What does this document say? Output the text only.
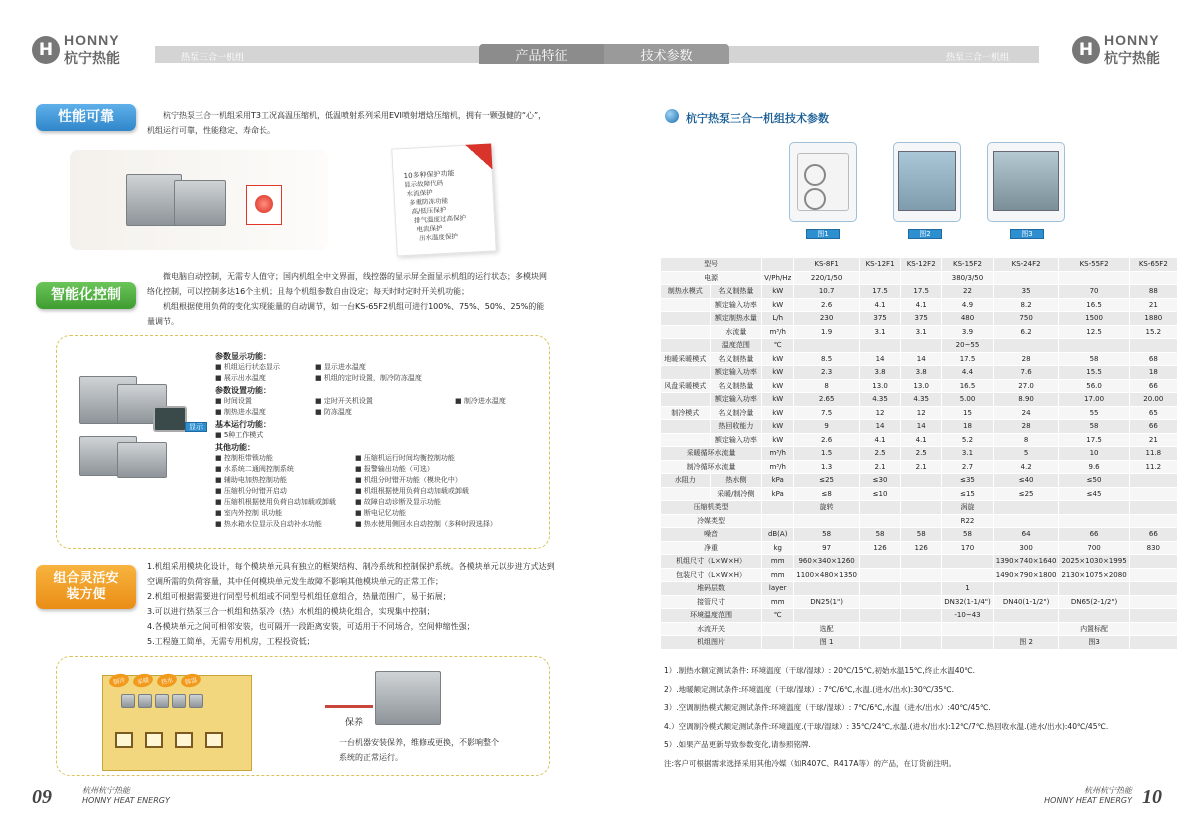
H HONNY
杭宁热能	热泵三合一机组	产品特征	技术参数	热泵三合一机组	H HONNY
杭宁热能
性能可靠	杭宁热泵三合一机组采用T3工况高温压缩机，低温喷射系列采用EVI喷射增焓压缩机，拥有一颗强健的“心”，机组运行可靠，性能稳定、寿命长。
10多种保护功能
显示故障代码
水流保护
多重防冻功能
高/低压保护
排气温度过高保护
电流保护
出水温度保护
智能化控制
微电脑自动控制，无需专人值守；国内机组全中文界面，线控器的显示屏全面显示机组的运行状态；多模块网络化控制，可以控制多达16个主机；且每个机组参数自由设定；每天时时定时开关机功能；
机组根据使用负荷的变化实现能量的自动调节，如一台KS-65F2机组可进行100%、75%、50%、25%的能量调节。
显示
参数显示功能：
■ 机组运行状态显示	■ 显示进水温度
■ 展示出水温度	■ 机组的定时设置，制冷防冻温度
参数设置功能：
■ 时间设置	■ 定时开关机设置	■ 制冷进水温度
■ 制热进水温度	■ 防冻温度
基本运行功能：
■ 5种工作模式
其他功能：
■ 控制柜带锁功能	■ 压缩机运行时间均衡控制功能
■ 水系统二通阀控制系统	■ 报警输出功能（可选）
■ 辅助电加热控制功能	■ 机组分时错开功能（模块化中）
■ 压缩机分时错开启动	■ 机组根据使用负荷自动加载或卸载
■ 压缩机根据使用负荷自动加载或卸载	■ 故障自动诊断及显示功能
■ 室内外控制 讯功能	■ 断电记忆功能
■ 热水箱水位显示及自动补水功能	■ 热水使用侧回水自动控制（多种时段选择）
组合灵活安装方便
1.机组采用模块化设计，每个模块单元具有独立的框架结构、制冷系统和控制保护系统。各模块单元以步进方式达到空调所需的负荷容量，其中任何模块单元发生故障不影响其他模块单元的正常工作；
2.机组可根据需要进行同型号机组或不同型号机组任意组合，热量范围广，易于拓展；
3.可以进行热泵三合一机组和热泵冷（热）水机组的模块化组合，实现集中控制；
4.各模块单元之间可相邻安装，也可隔开一段距离安装，可适用于不同场合，空间伸缩性强；
5.工程施工简单，无需专用机房，工程投资低；
制冷	采暖	热水	除湿
保养
一台机器安装保养，维修或更换，不影响整个系统的正常运行。
09	杭州杭宁热能
HONNY HEAT ENERGY
杭州杭宁热能
HONNY HEAT ENERGY 10
杭宁热泵三合一机组技术参数
图1	图2	图3
型号			KS-8F1	KS-12F1	KS-12F2	KS-15F2	KS-24F2	KS-55F2	KS-65F2
电源		V/Ph/Hz	220/1/50			380/3/50			
制热水模式	名义制热量	kW	10.7	17.5	17.5	22	35	70	88
	额定输入功率	kW	2.6	4.1	4.1	4.9	8.2	16.5	21
	额定制热水量	L/h	230	375	375	480	750	1500	1880
	水流量	m³/h	1.9	3.1	3.1	3.9	6.2	12.5	15.2
	温度范围	℃				20~55			
地暖采暖模式	名义制热量	kW	8.5	14	14	17.5	28	58	68
	额定输入功率	kW	2.3	3.8	3.8	4.4	7.6	15.5	18
风盘采暖模式	名义制热量	kW	8	13.0	13.0	16.5	27.0	56.0	66
	额定输入功率	kW	2.65	4.35	4.35	5.00	8.90	17.00	20.00
制冷模式	名义制冷量	kW	7.5	12	12	15	24	55	65
	热回收能力	kW	9	14	14	18	28	58	66
	额定输入功率	kW	2.6	4.1	4.1	5.2	8	17.5	21
采暖循环水流量		m³/h	1.5	2.5	2.5	3.1	5	10	11.8
制冷循环水流量		m³/h	1.3	2.1	2.1	2.7	4.2	9.6	11.2
水阻力	热水侧	kPa	≤25	≤30		≤35	≤40	≤50	
	采暖/制冷侧	kPa	≤8	≤10		≤15	≤25	≤45	
压缩机类型			旋转			涡旋			
冷媒类型						R22			
噪音		dB(A)	58	58	58	58	64	66	66
净重		kg	97	126	126	170	300	700	830
机组尺寸（L×W×H）		mm	960×340×1260				1390×740×1640	2025×1030×1995	
包装尺寸（L×W×H）		mm	1100×480×1350				1490×790×1800	2130×1075×2080	
堆码层数		layer				1			
接管尺寸		mm	DN25(1")			DN32(1-1/4")	DN40(1-1/2")	DN65(2-1/2")	
环境温度范围		℃				-10~43			
水流开关			选配					内置标配	
机组图片			图 1				图 2	图3	
1）.制热水额定测试条件: 环境温度（干球/湿球）: 20℃/15℃,初始水温15℃,终止水温40℃.
2）.地暖额定测试条件:环境温度（干球/湿球）: 7℃/6℃,水温.(进水/出水):30℃/35℃.
3）.空调制热模式额定测试条件:环境温度（干球/湿球）: 7℃/6℃,水温（进水/出水）:40℃/45℃.
4.）空调制冷模式额定测试条件:环境温度.(干球/湿球）: 35℃/24℃,水温.(进水/出水):12℃/7℃.热回收水温.(进水/出水):40℃/45℃.
5）.如果产品更新导致参数变化,请参照铭牌.
注:客户可根据需求选择采用其他冷媒（如R407C、R417A等）的产品，在订货前注明。
